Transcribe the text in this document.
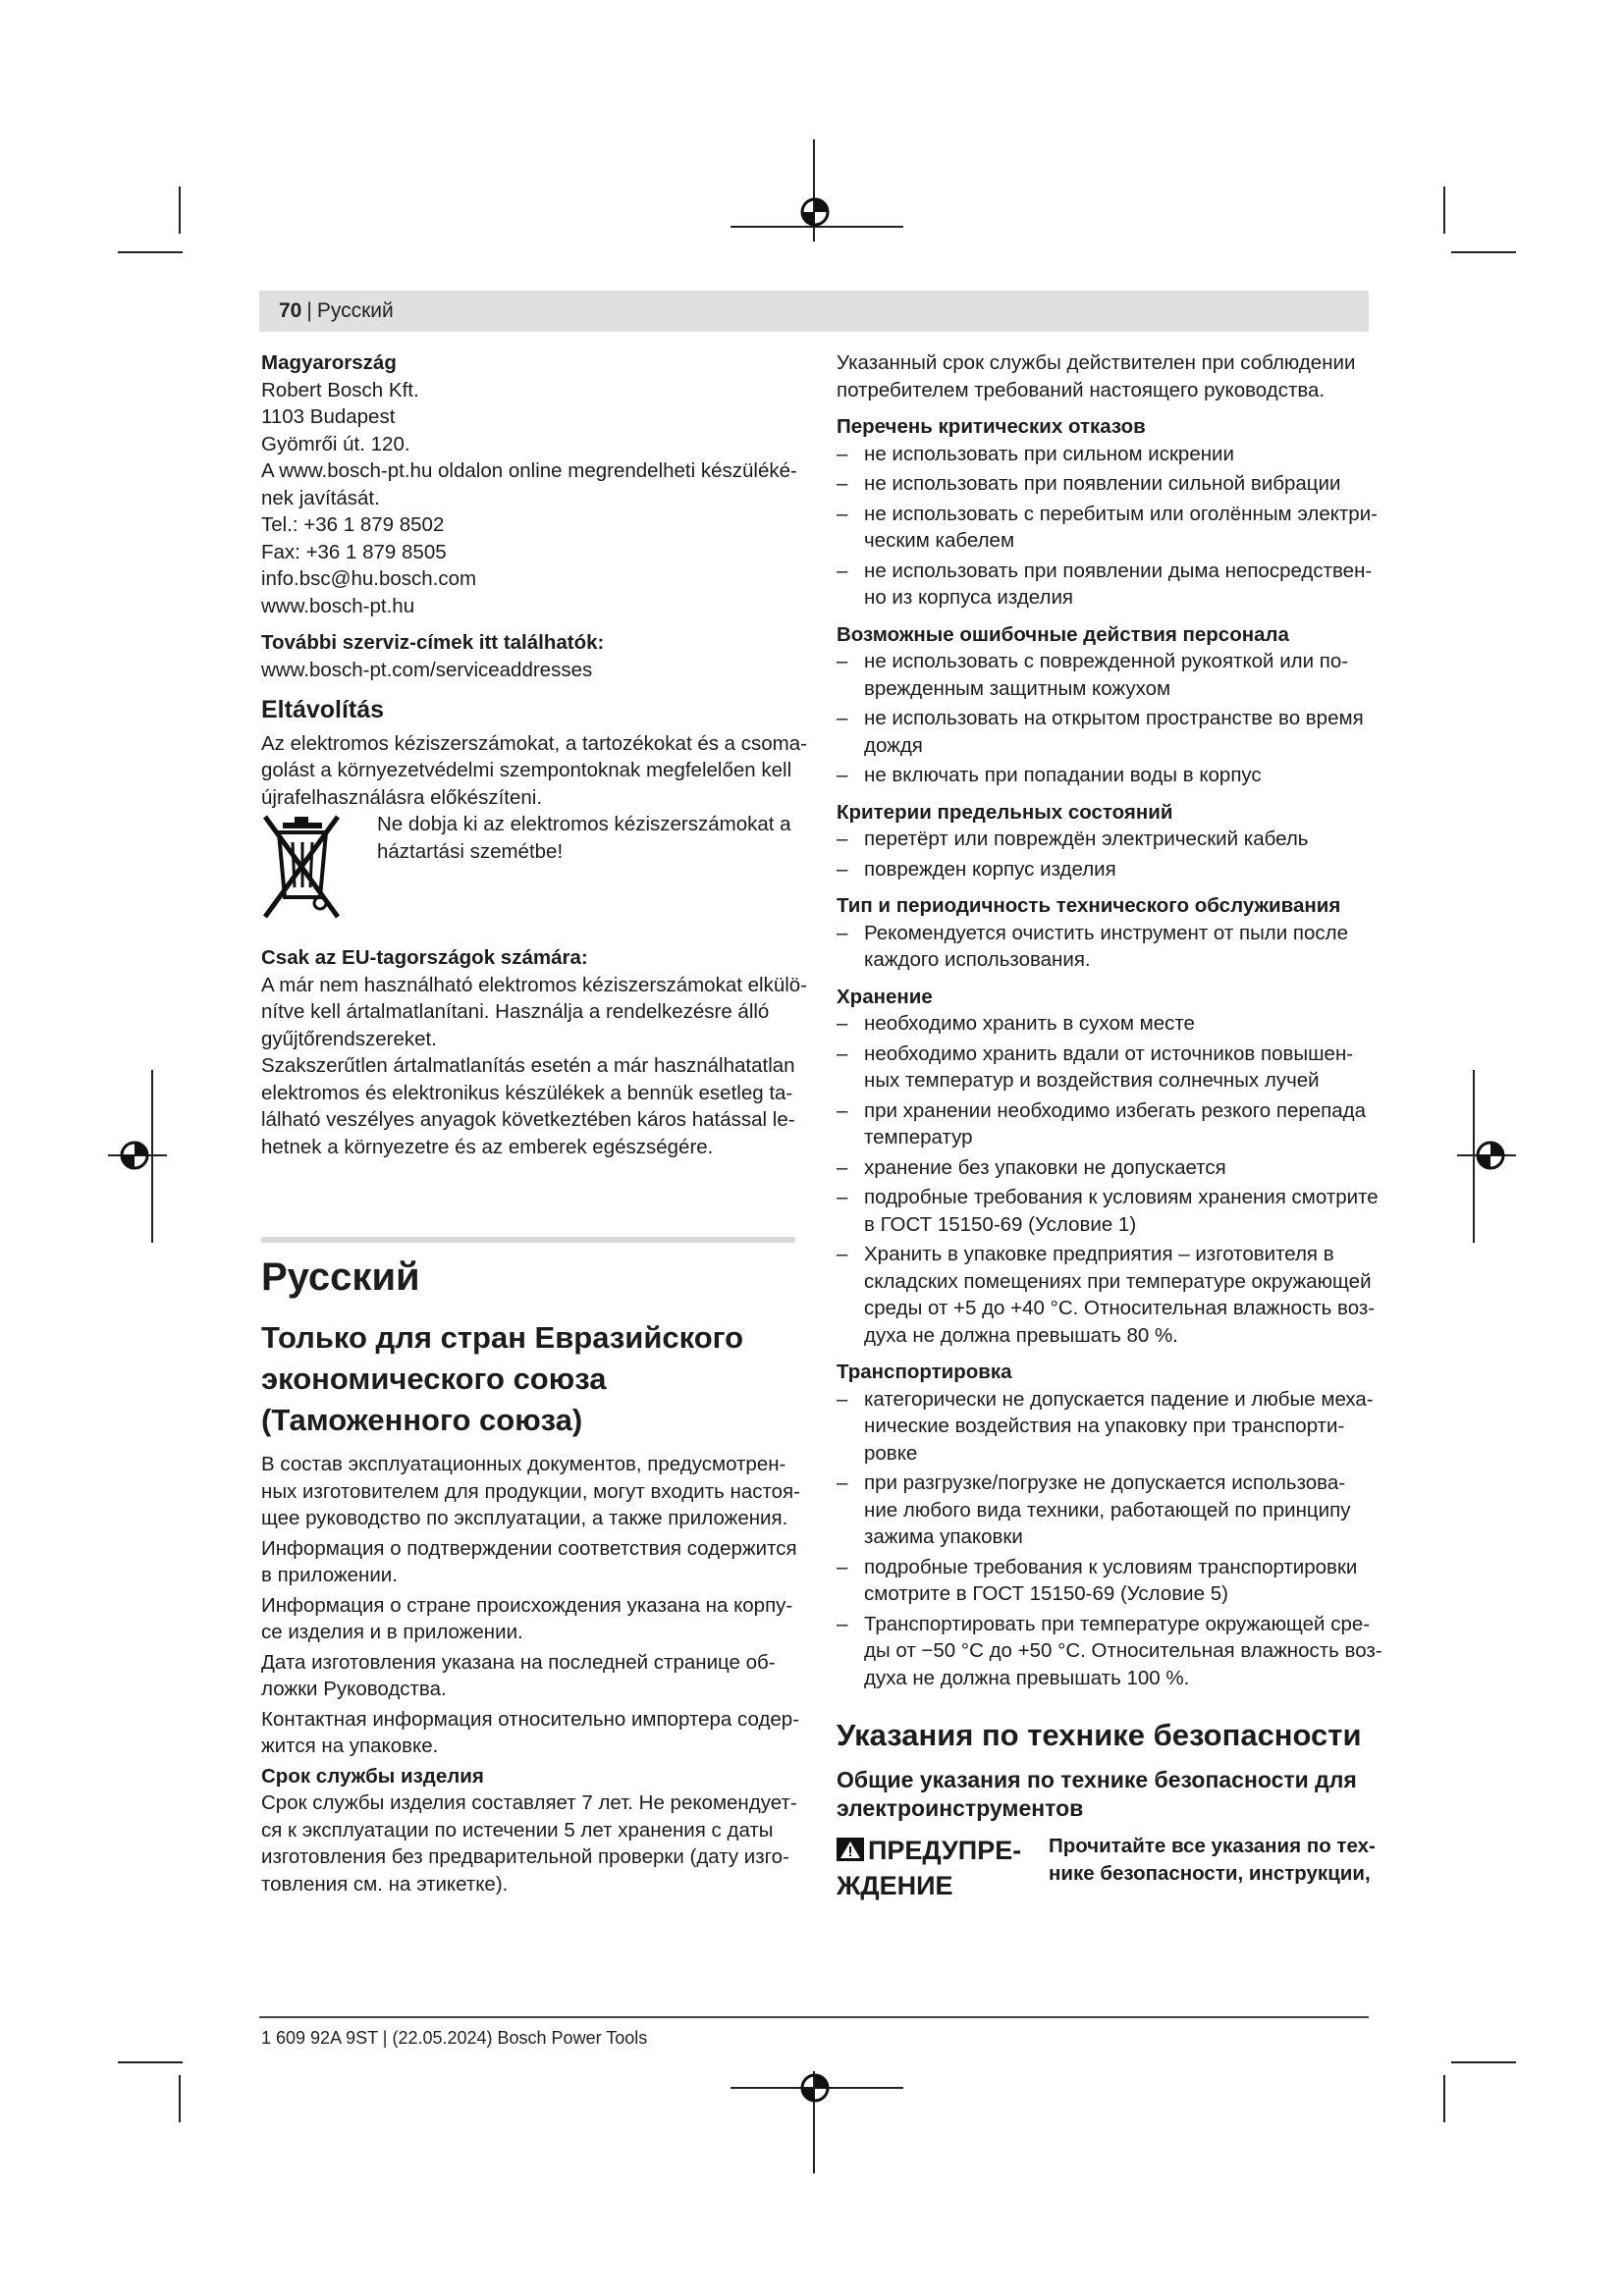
70 | Русский
Magyarország
Robert Bosch Kft.
1103 Budapest
Gyömrői út. 120.
A www.bosch-pt.hu oldalon online megrendelheti készüléké-
nek javítását.
Tel.: +36 1 879 8502
Fax: +36 1 879 8505
info.bsc@hu.bosch.com
www.bosch-pt.hu
További szerviz-címek itt találhatók:
www.bosch-pt.com/serviceaddresses
Eltávolítás
Az elektromos kéziszerszámokat, a tartozékokat és a csoma-
golást a környezetvédelmi szempontoknak megfelelően kell
újrafelhasználásra előkészíteni.
Ne dobja ki az elektromos kéziszerszámokat a
háztartási szemétbe!
Csak az EU-tagországok számára:
A már nem használható elektromos kéziszerszámokat elkülö-
nítve kell ártalmatlanítani. Használja a rendelkezésre álló
gyűjtőrendszereket.
Szakszerűtlen ártalmatlanítás esetén a már használhatatlan
elektromos és elektronikus készülékek a bennük esetleg ta-
lálható veszélyes anyagok következtében káros hatással le-
hetnek a környezetre és az emberek egészségére.
Русский
Только для стран Евразийского
экономического союза
(Таможенного союза)
В состав эксплуатационных документов, предусмотрен-
ных изготовителем для продукции, могут входить настоя-
щее руководство по эксплуатации, а также приложения.
Информация о подтверждении соответствия содержится
в приложении.
Информация о стране происхождения указана на корпу-
се изделия и в приложении.
Дата изготовления указана на последней странице об-
ложки Руководства.
Контактная информация относительно импортера содер-
жится на упаковке.
Срок службы изделия
Срок службы изделия составляет 7 лет. Не рекомендует-
ся к эксплуатации по истечении 5 лет хранения с даты
изготовления без предварительной проверки (дату изго-
товления см. на этикетке).
Указанный срок службы действителен при соблюдении
потребителем требований настоящего руководства.
Перечень критических отказов
– не использовать при сильном искрении
– не использовать при появлении сильной вибрации
– не использовать с перебитым или оголённым электри-
ческим кабелем
– не использовать при появлении дыма непосредствен-
но из корпуса изделия
Возможные ошибочные действия персонала
– не использовать с поврежденной рукояткой или по-
врежденным защитным кожухом
– не использовать на открытом пространстве во время
дождя
– не включать при попадании воды в корпус
Критерии предельных состояний
– перетёрт или повреждён электрический кабель
– поврежден корпус изделия
Тип и периодичность технического обслуживания
– Рекомендуется очистить инструмент от пыли после
каждого использования.
Хранение
– необходимо хранить в сухом месте
– необходимо хранить вдали от источников повышен-
ных температур и воздействия солнечных лучей
– при хранении необходимо избегать резкого перепада
температур
– хранение без упаковки не допускается
– подробные требования к условиям хранения смотрите
в ГОСТ 15150-69 (Условие 1)
– Хранить в упаковке предприятия – изготовителя в
складских помещениях при температуре окружающей
среды от +5 до +40 °C. Относительная влажность воз-
духа не должна превышать 80 %.
Транспортировка
– категорически не допускается падение и любые меха-
нические воздействия на упаковку при транспорти-
ровке
– при разгрузке/погрузке не допускается использова-
ние любого вида техники, работающей по принципу
зажима упаковки
– подробные требования к условиям транспортировки
смотрите в ГОСТ 15150-69 (Условие 5)
– Транспортировать при температуре окружающей сре-
ды от −50 °C до +50 °C. Относительная влажность воз-
духа не должна превышать 100 %.
Указания по технике безопасности
Общие указания по технике безопасности для
электроинструментов
ПРЕДУПРЕ-
ЖДЕНИЕ
Прочитайте все указания по тех-
нике безопасности, инструкции,
1 609 92A 9ST | (22.05.2024) Bosch Power Tools
